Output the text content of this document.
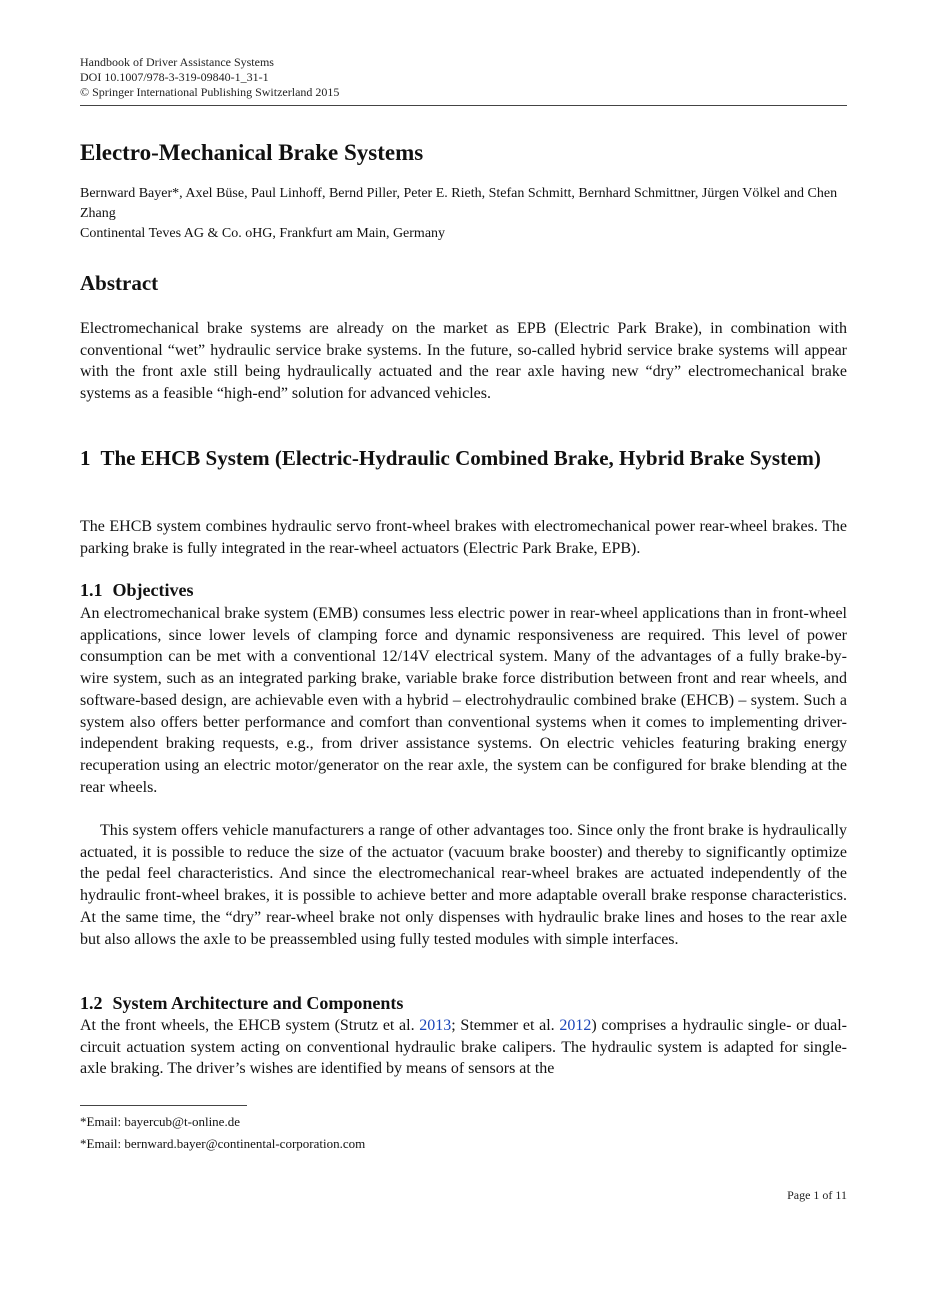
Handbook of Driver Assistance Systems
DOI 10.1007/978-3-319-09840-1_31-1
© Springer International Publishing Switzerland 2015
Electro-Mechanical Brake Systems
Bernward Bayer*, Axel Büse, Paul Linhoff, Bernd Piller, Peter E. Rieth, Stefan Schmitt, Bernhard Schmittner, Jürgen Völkel and Chen Zhang
Continental Teves AG & Co. oHG, Frankfurt am Main, Germany
Abstract

Electromechanical brake systems are already on the market as EPB (Electric Park Brake), in combination with conventional “wet” hydraulic service brake systems. In the future, so-called hybrid service brake systems will appear with the front axle still being hydraulically actuated and the rear axle having new “dry” electromechanical brake systems as a feasible “high-end” solution for advanced vehicles.

1 The EHCB System (Electric-Hydraulic Combined Brake, Hybrid Brake System)

The EHCB system combines hydraulic servo front-wheel brakes with electromechanical power rear-wheel brakes. The parking brake is fully integrated in the rear-wheel actuators (Electric Park Brake, EPB).

1.1 Objectives

An electromechanical brake system (EMB) consumes less electric power in rear-wheel applications than in front-wheel applications, since lower levels of clamping force and dynamic responsiveness are required. This level of power consumption can be met with a conventional 12/14V electrical system. Many of the advantages of a fully brake-by-wire system, such as an integrated parking brake, variable brake force distribution between front and rear wheels, and software-based design, are achievable even with a hybrid – electrohydraulic combined brake (EHCB) – system. Such a system also offers better performance and comfort than conventional systems when it comes to implementing driver-independent braking requests, e.g., from driver assistance systems. On electric vehicles featuring braking energy recuperation using an electric motor/generator on the rear axle, the system can be configured for brake blending at the rear wheels.

This system offers vehicle manufacturers a range of other advantages too. Since only the front brake is hydraulically actuated, it is possible to reduce the size of the actuator (vacuum brake booster) and thereby to significantly optimize the pedal feel characteristics. And since the electromechanical rear-wheel brakes are actuated independently of the hydraulic front-wheel brakes, it is possible to achieve better and more adaptable overall brake response characteristics. At the same time, the “dry” rear-wheel brake not only dispenses with hydraulic brake lines and hoses to the rear axle but also allows the axle to be preassembled using fully tested modules with simple interfaces.

1.2 System Architecture and Components

At the front wheels, the EHCB system (Strutz et al. 2013; Stemmer et al. 2012) comprises a hydraulic single- or dual-circuit actuation system acting on conventional hydraulic brake calipers. The hydraulic system is adapted for single-axle braking. The driver’s wishes are identified by means of sensors at the

*Email: bayercub@t-online.de
*Email: bernward.bayer@continental-corporation.com
Page 1 of 11
